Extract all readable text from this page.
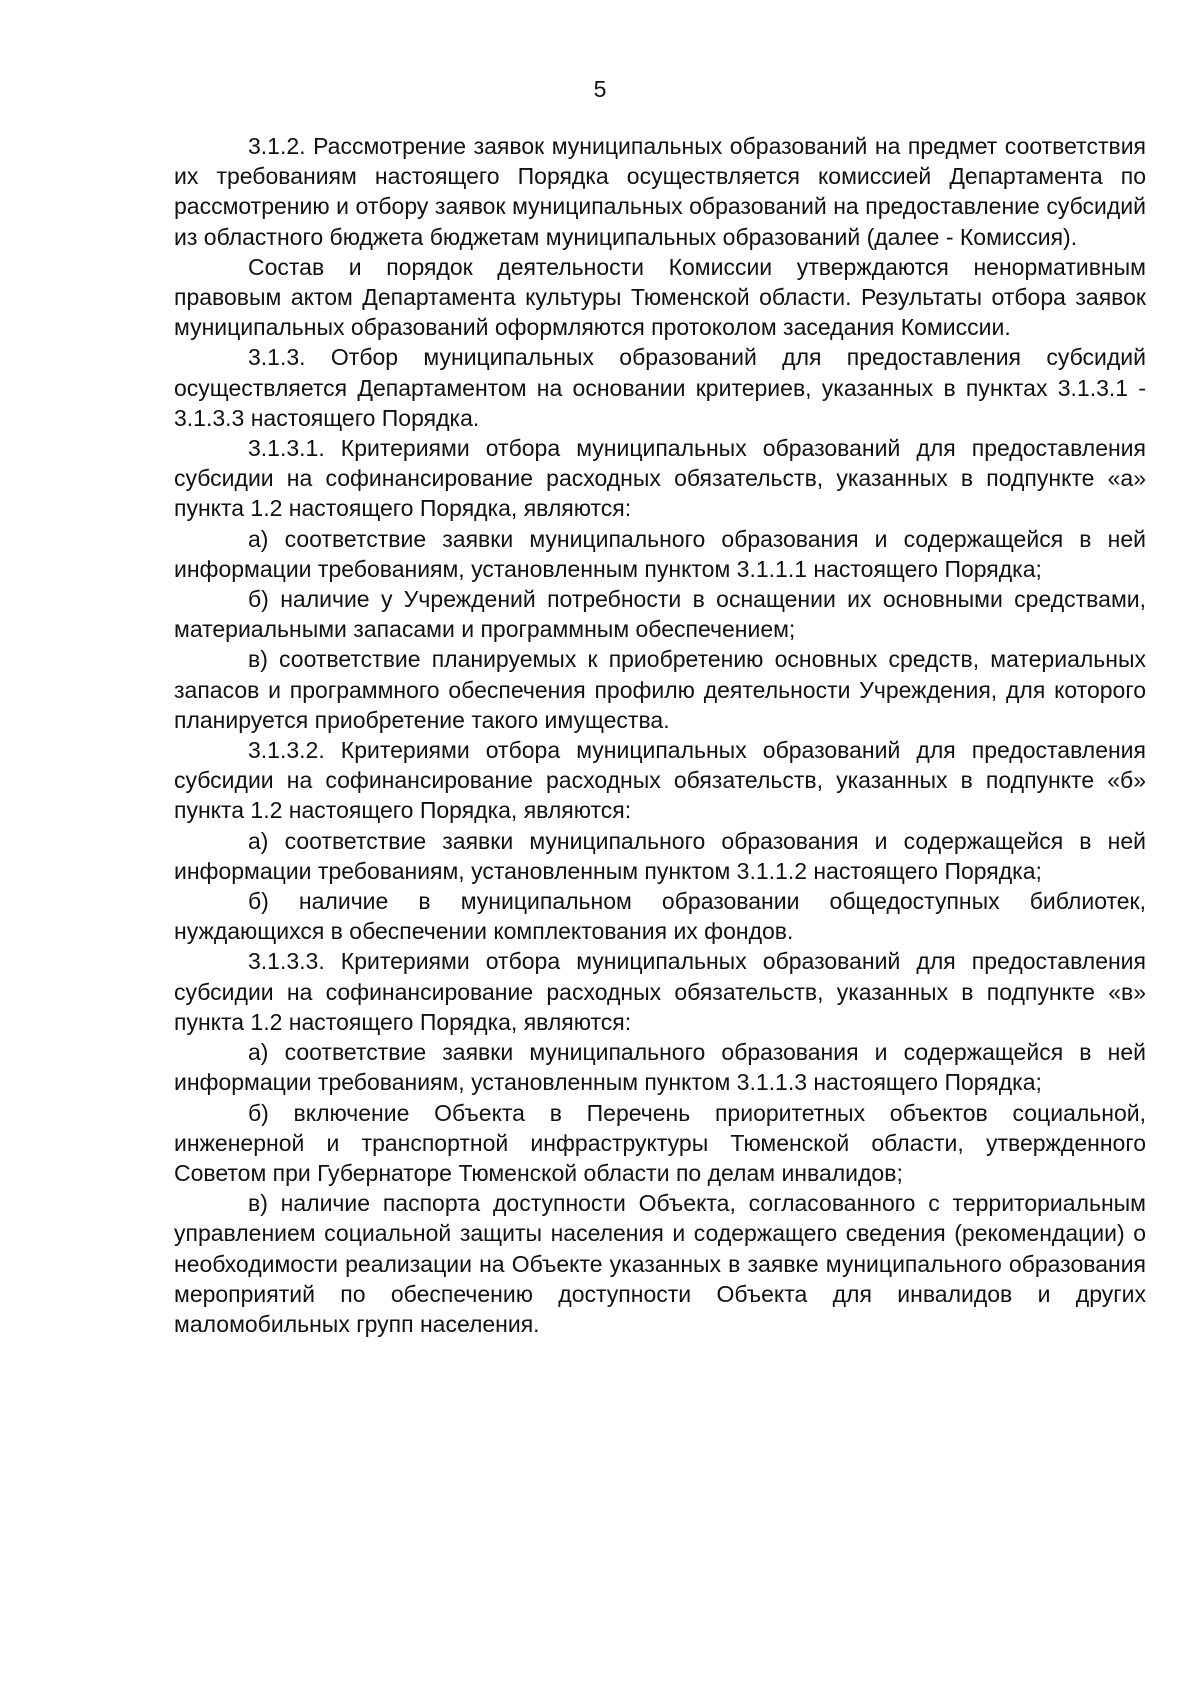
5

3.1.2. Рассмотрение заявок муниципальных образований на предмет соответствия их требованиям настоящего Порядка осуществляется комиссией Департамента по рассмотрению и отбору заявок муниципальных образований на предоставление субсидий из областного бюджета бюджетам муниципальных образований (далее - Комиссия).

Состав и порядок деятельности Комиссии утверждаются ненормативным правовым актом Департамента культуры Тюменской области. Результаты отбора заявок муниципальных образований оформляются протоколом заседания Комиссии.

3.1.3. Отбор муниципальных образований для предоставления субсидий осуществляется Департаментом на основании критериев, указанных в пунктах 3.1.3.1 - 3.1.3.3 настоящего Порядка.

3.1.3.1. Критериями отбора муниципальных образований для предоставления субсидии на софинансирование расходных обязательств, указанных в подпункте «а» пункта 1.2 настоящего Порядка, являются:

а) соответствие заявки муниципального образования и содержащейся в ней информации требованиям, установленным пунктом 3.1.1.1 настоящего Порядка;

б) наличие у Учреждений потребности в оснащении их основными средствами, материальными запасами и программным обеспечением;

в) соответствие планируемых к приобретению основных средств, материальных запасов и программного обеспечения профилю деятельности Учреждения, для которого планируется приобретение такого имущества.

3.1.3.2. Критериями отбора муниципальных образований для предоставления субсидии на софинансирование расходных обязательств, указанных в подпункте «б» пункта 1.2 настоящего Порядка, являются:

а) соответствие заявки муниципального образования и содержащейся в ней информации требованиям, установленным пунктом 3.1.1.2 настоящего Порядка;

б) наличие в муниципальном образовании общедоступных библиотек, нуждающихся в обеспечении комплектования их фондов.

3.1.3.3. Критериями отбора муниципальных образований для предоставления субсидии на софинансирование расходных обязательств, указанных в подпункте «в» пункта 1.2 настоящего Порядка, являются:

а) соответствие заявки муниципального образования и содержащейся в ней информации требованиям, установленным пунктом 3.1.1.3 настоящего Порядка;

б) включение Объекта в Перечень приоритетных объектов социальной, инженерной и транспортной инфраструктуры Тюменской области, утвержденного Советом при Губернаторе Тюменской области по делам инвалидов;

в) наличие паспорта доступности Объекта, согласованного с территориальным управлением социальной защиты населения и содержащего сведения (рекомендации) о необходимости реализации на Объекте указанных в заявке муниципального образования мероприятий по обеспечению доступности Объекта для инвалидов и других маломобильных групп населения.
